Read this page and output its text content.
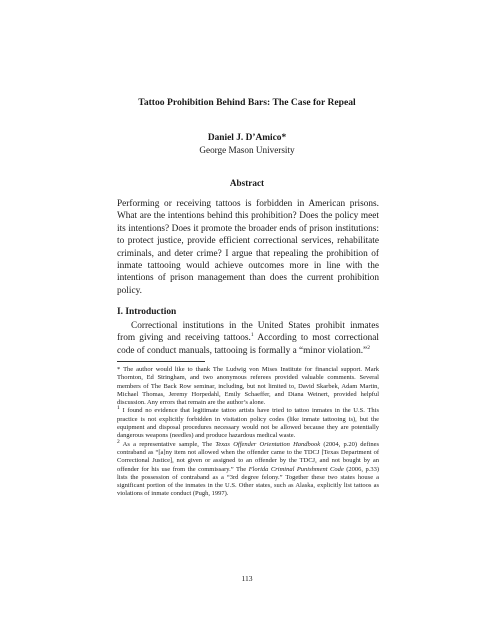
Tattoo Prohibition Behind Bars: The Case for Repeal
Daniel J. D’Amico*
George Mason University
Abstract

Performing or receiving tattoos is forbidden in American prisons. What are the intentions behind this prohibition? Does the policy meet its intentions? Does it promote the broader ends of prison institutions: to protect justice, provide efficient correctional services, rehabilitate criminals, and deter crime? I argue that repealing the prohibition of inmate tattooing would achieve outcomes more in line with the intentions of prison management than does the current prohibition policy.

I. Introduction

Correctional institutions in the United States prohibit inmates from giving and receiving tattoos.$^1$ According to most correctional code of conduct manuals, tattooing is formally a “minor violation.”$^2$

* The author would like to thank The Ludwig von Mises Institute for financial support. Mark Thornton, Ed Stringham, and two anonymous referees provided valuable comments. Several members of The Back Row seminar, including, but not limited to, David Skarbek, Adam Martin, Michael Thomas, Jeremy Horpedahl, Emily Schaeffer, and Diana Weinert, provided helpful discussion. Any errors that remain are the author’s alone.

$^1$ I found no evidence that legitimate tattoo artists have tried to tattoo inmates in the U.S. This practice is not explicitly forbidden in visitation policy codes (like inmate tattooing is), but the equipment and disposal procedures necessary would not be allowed because they are potentially dangerous weapons (needles) and produce hazardous medical waste.

$^2$ As a representative sample, The Texas Offender Orientation Handbook (2004, p.20) defines contraband as “[a]ny item not allowed when the offender came to the TDCJ [Texas Department of Correctional Justice], not given or assigned to an offender by the TDCJ, and not bought by an offender for his use from the commissary.” The Florida Criminal Punishment Code (2006, p.33) lists the possession of contraband as a “3rd degree felony.” Together these two states house a significant portion of the inmates in the U.S. Other states, such as Alaska, explicitly list tattoos as violations of inmate conduct (Pugh, 1997).

113
